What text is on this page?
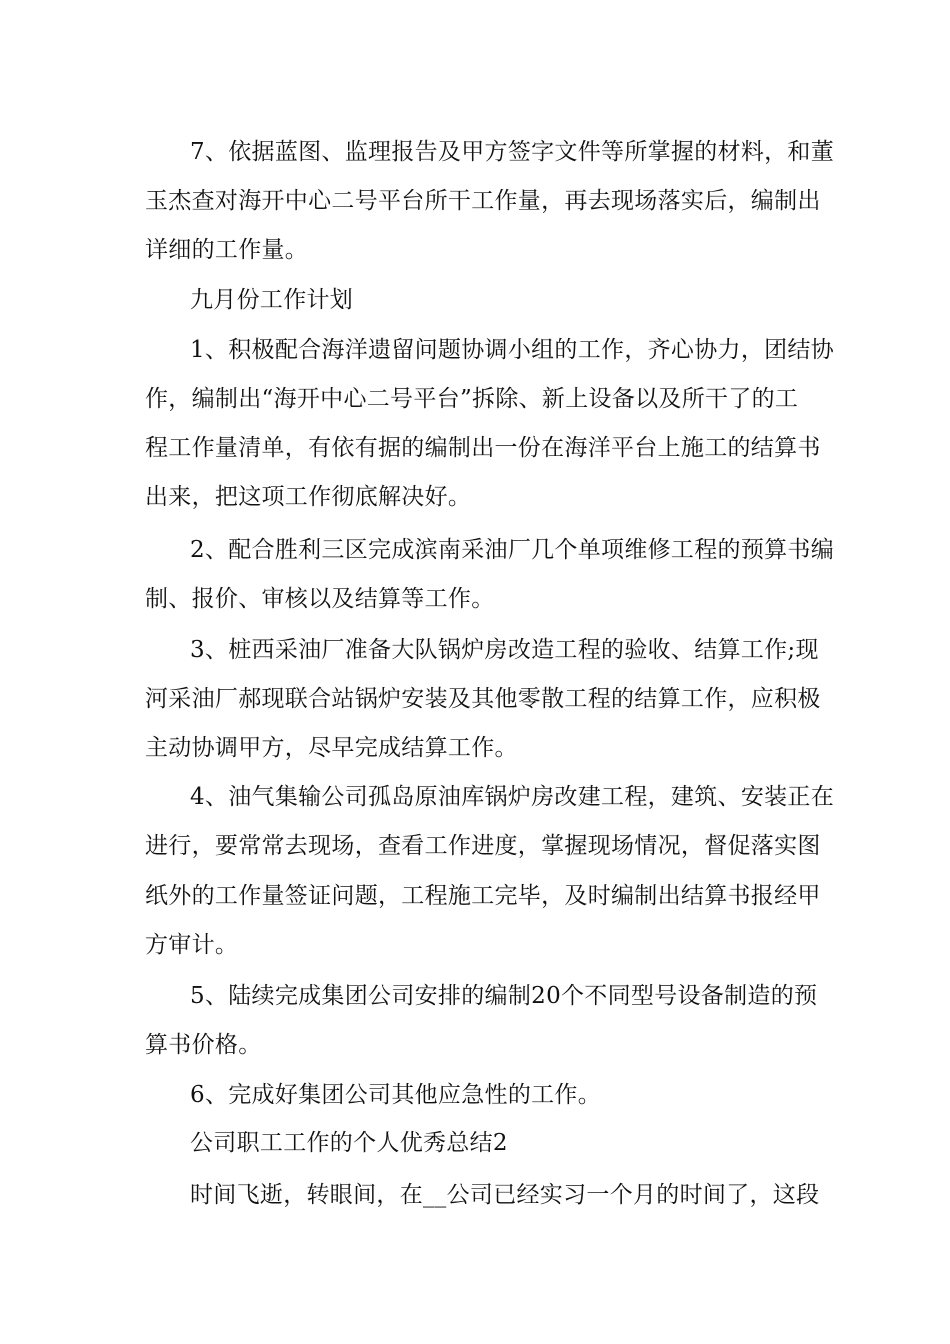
7、依据蓝图、监理报告及甲方签字文件等所掌握的材料，和董
玉杰查对海开中心二号平台所干工作量，再去现场落实后，编制出
详细的工作量。
九月份工作计划
1、积极配合海洋遗留问题协调小组的工作，齐心协力，团结协
作，编制出“海开中心二号平台”拆除、新上设备以及所干了的工
程工作量清单，有依有据的编制出一份在海洋平台上施工的结算书
出来，把这项工作彻底解决好。
2、配合胜利三区完成滨南采油厂几个单项维修工程的预算书编
制、报价、审核以及结算等工作。
3、桩西采油厂准备大队锅炉房改造工程的验收、结算工作;现
河采油厂郝现联合站锅炉安装及其他零散工程的结算工作，应积极
主动协调甲方，尽早完成结算工作。
4、油气集输公司孤岛原油库锅炉房改建工程，建筑、安装正在
进行，要常常去现场，查看工作进度，掌握现场情况，督促落实图
纸外的工作量签证问题，工程施工完毕，及时编制出结算书报经甲
方审计。
5、陆续完成集团公司安排的编制20个不同型号设备制造的预
算书价格。
6、完成好集团公司其他应急性的工作。
公司职工工作的个人优秀总结2
时间飞逝，转眼间，在__公司已经实习一个月的时间了，这段
